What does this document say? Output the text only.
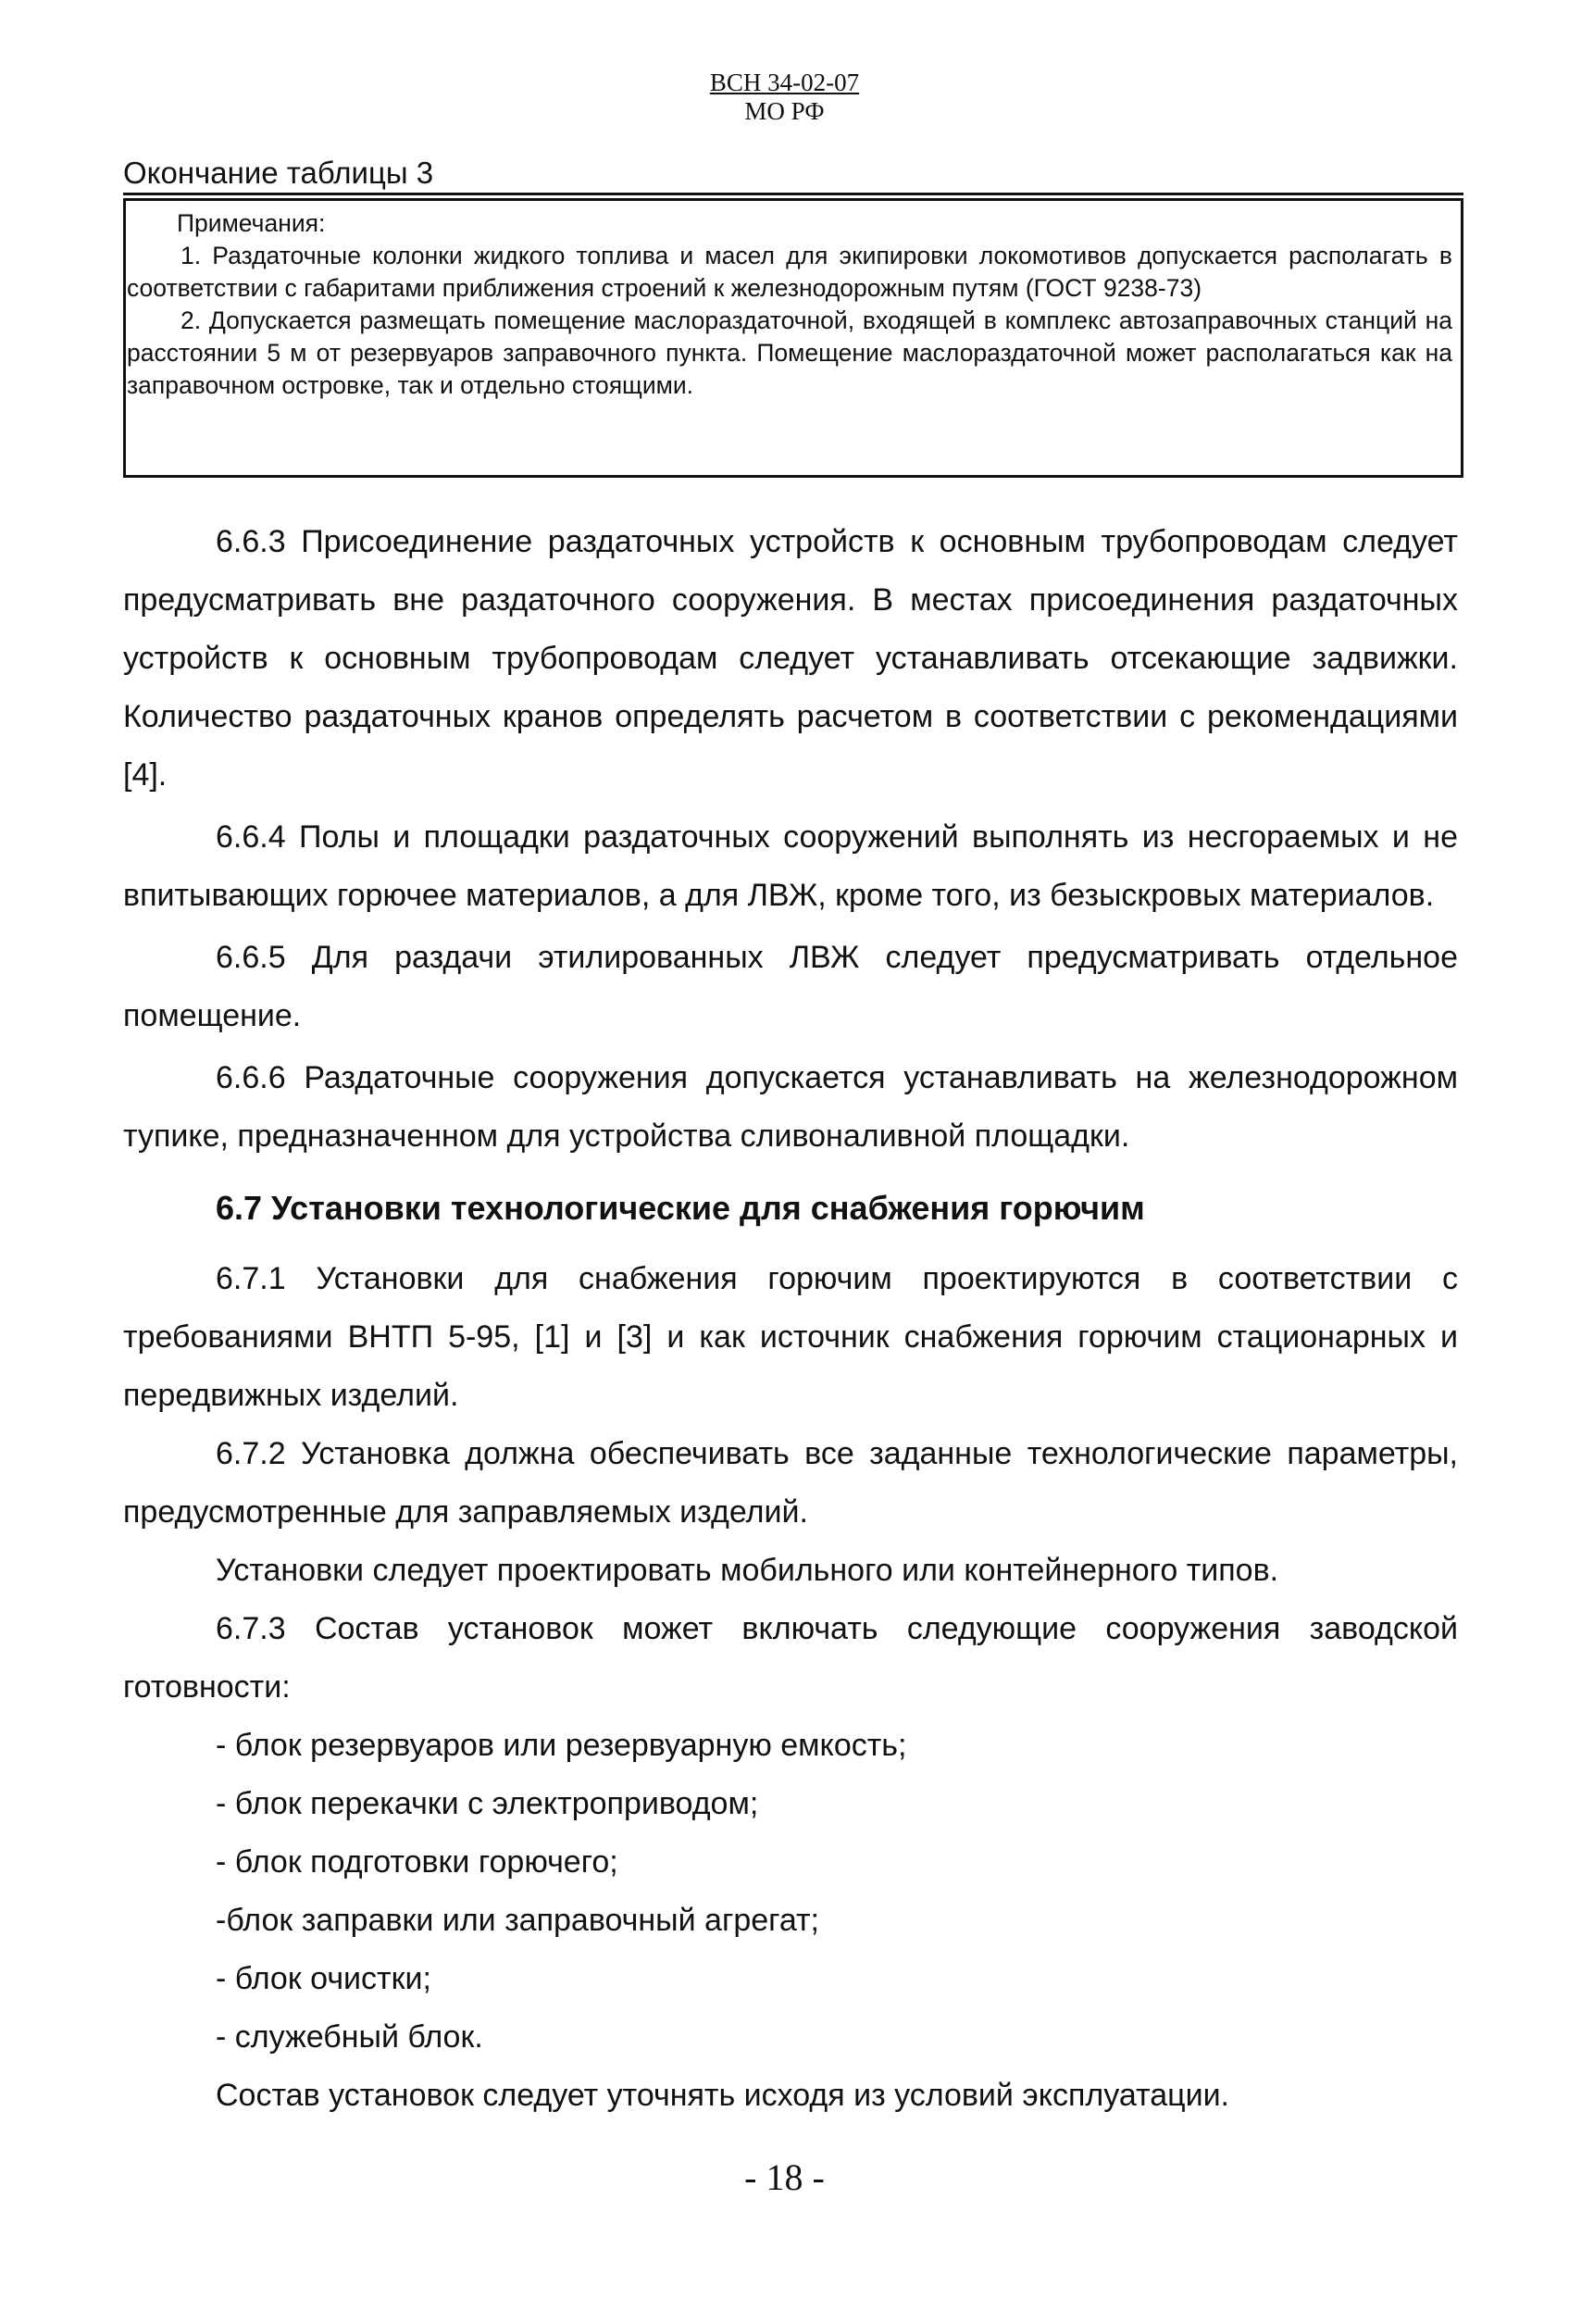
ВСН 34-02-07
МО РФ
Окончание таблицы 3

Примечания:

1. Раздаточные колонки жидкого топлива и масел для экипировки локомотивов допускается располагать в соответствии с габаритами приближения строений к железнодорожным путям (ГОСТ 9238-73)

2. Допускается размещать помещение маслораздаточной, входящей в комплекс автозаправочных станций на расстоянии 5 м от резервуаров заправочного пункта. Помещение маслораздаточной может располагаться как на заправочном островке, так и отдельно стоящими.

6.6.3 Присоединение раздаточных устройств к основным трубопроводам следует предусматривать вне раздаточного сооружения. В местах присоединения раздаточных устройств к основным трубопроводам следует устанавливать отсекающие задвижки. Количество раздаточных кранов определять расчетом в соответствии с рекомендациями [4].

6.6.4 Полы и площадки раздаточных сооружений выполнять из несгораемых и не впитывающих горючее материалов, а для ЛВЖ, кроме того, из безыскровых материалов.

6.6.5 Для раздачи этилированных ЛВЖ следует предусматривать отдельное помещение.

6.6.6 Раздаточные сооружения допускается устанавливать на железнодорожном тупике, предназначенном для устройства сливоналивной площадки.

6.7 Установки технологические для снабжения горючим

6.7.1 Установки для снабжения горючим проектируются в соответствии с требованиями ВНТП 5-95, [1] и [3] и как источник снабжения горючим стационарных и передвижных изделий.

6.7.2 Установка должна обеспечивать все заданные технологические параметры, предусмотренные для заправляемых изделий.

Установки следует проектировать мобильного или контейнерного типов.

6.7.3 Состав установок может включать следующие сооружения заводской готовности:

- блок резервуаров или резервуарную емкость;

- блок перекачки с электроприводом;

- блок подготовки горючего;

-блок заправки или заправочный агрегат;

- блок очистки;

- служебный блок.

Состав установок следует уточнять исходя из условий эксплуатации.

- 18 -
